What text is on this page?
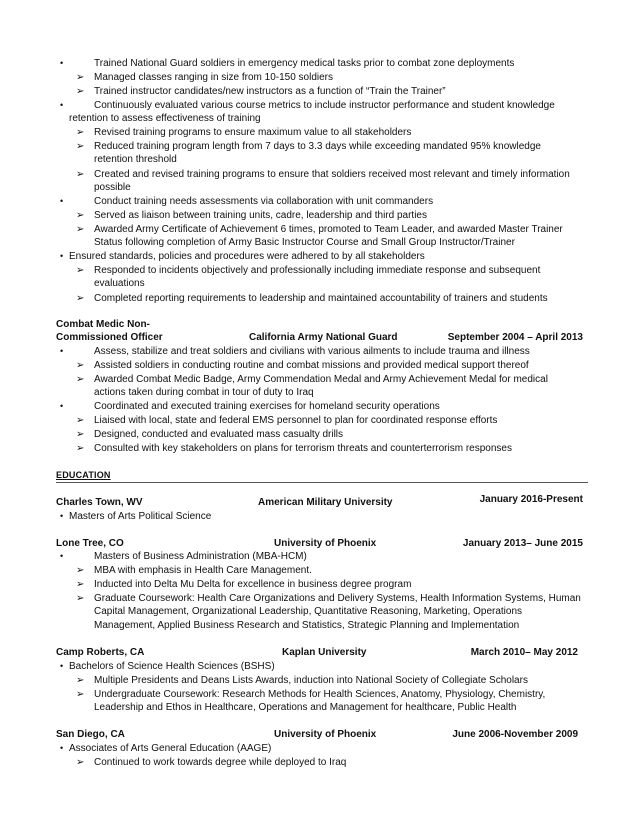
•	Trained National Guard soldiers in emergency medical tasks prior to combat zone deployments
➢ Managed classes ranging in size from 10-150 soldiers
➢ Trained instructor candidates/new instructors as a function of “Train the Trainer”
•	Continuously evaluated various course metrics to include instructor performance and student knowledge
retention to assess effectiveness of training
➢ Revised training programs to ensure maximum value to all stakeholders
➢ Reduced training program length from 7 days to 3.3 days while exceeding mandated 95% knowledge
retention threshold
➢ Created and revised training programs to ensure that soldiers received most relevant and timely information
possible
•	Conduct training needs assessments via collaboration with unit commanders
➢ Served as liaison between training units, cadre, leadership and third parties
➢ Awarded Army Certificate of Achievement 6 times, promoted to Team Leader, and awarded Master Trainer
Status following completion of Army Basic Instructor Course and Small Group Instructor/Trainer
• Ensured standards, policies and procedures were adhered to by all stakeholders
➢ Responded to incidents objectively and professionally including immediate response and subsequent
evaluations
➢ Completed reporting requirements to leadership and maintained accountability of trainers and students
Combat Medic Non-
Commissioned Officer	California Army National Guard	September 2004 – April 2013
•	Assess, stabilize and treat soldiers and civilians with various ailments to include trauma and illness
➢ Assisted soldiers in conducting routine and combat missions and provided medical support thereof
➢ Awarded Combat Medic Badge, Army Commendation Medal and Army Achievement Medal for medical
actions taken during combat in tour of duty to Iraq
•	Coordinated and executed training exercises for homeland security operations
➢ Liaised with local, state and federal EMS personnel to plan for coordinated response efforts
➢ Designed, conducted and evaluated mass casualty drills
➢ Consulted with key stakeholders on plans for terrorism threats and counterterrorism responses
EDUCATION
Charles Town, WV	American Military University	January 2016-Present
• Masters of Arts Political Science
Lone Tree, CO	University of Phoenix	January 2013– June 2015
•	Masters of Business Administration (MBA-HCM)
➢ MBA with emphasis in Health Care Management.
➢ Inducted into Delta Mu Delta for excellence in business degree program
➢ Graduate Coursework: Health Care Organizations and Delivery Systems, Health Information Systems, Human
Capital Management, Organizational Leadership, Quantitative Reasoning, Marketing, Operations
Management, Applied Business Research and Statistics, Strategic Planning and Implementation
Camp Roberts, CA	Kaplan University	March 2010– May 2012
• Bachelors of Science Health Sciences (BSHS)
➢ Multiple Presidents and Deans Lists Awards, induction into National Society of Collegiate Scholars
➢ Undergraduate Coursework: Research Methods for Health Sciences, Anatomy, Physiology, Chemistry,
Leadership and Ethos in Healthcare, Operations and Management for healthcare, Public Health
San Diego, CA	University of Phoenix	June 2006-November 2009
• Associates of Arts General Education (AAGE)
➢ Continued to work towards degree while deployed to Iraq
